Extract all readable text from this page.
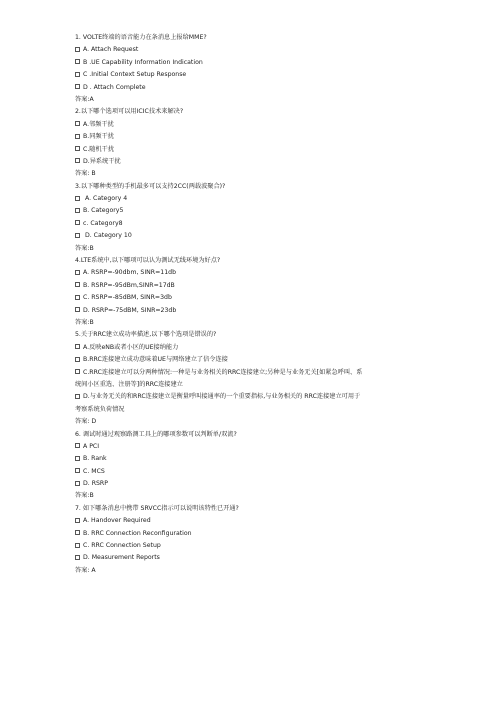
1. VOLTE终端的语音能力在条消息上报给MME?
A. Attach Request
B .UE Capability Information Indication
C .Initial Context Setup Response
D . Attach Complete
答案:A
2.以下哪个选项可以用ICIC技术来解决?
A.邻频干扰
B.同频干扰
C.随机干扰
D.异系统干扰
答案: B
3.以下哪种类型的手机最多可以支持2CC(两载波聚合)?
A. Category 4
B. Category5
c. Category8
D. Category 10
答案:B
4.LTE系统中,以下哪项可以认为测试无线环境为好点?
A. RSRP=-90dbm, SINR=11db
B. RSRP=-95dBm,SINR=17dB
C. RSRP=-85dBM, SINR=3db
D. RSRP=-75dBM, SINR=23db
答案:B
5.关于RRC建立成功率描述,以下哪个选项是错误的?
A.反映eNB或者小区的UE接纳能力
B.RRC连接建立成功意味着UE与网络建立了信令连接
C.RRC连接建立可以分两种情况:一种是与业务相关的RRC连接建立;另种是与业务无关[如紧急呼叫、系
统间小区重选、注册等]的RRC连接建立
D.与业务无关的和RRC连接建立是衡量呼叫接通率的一个重要指标,与业务相关的 RRC连接建立可用于
考察系统负荷情况
答案: D
6. 调试时通过观察路测工具上的哪项参数可以判断单/双流?
A PCI
B. Rank
C. MCS
D. RSRP
答案:B
7. 如下哪条消息中携带 SRVCC指示可以说明该特性已开通?
A. Handover Required
B. RRC Connection Reconfiguration
C. RRC Connection Setup
D. Measurement Reports
答案: A
